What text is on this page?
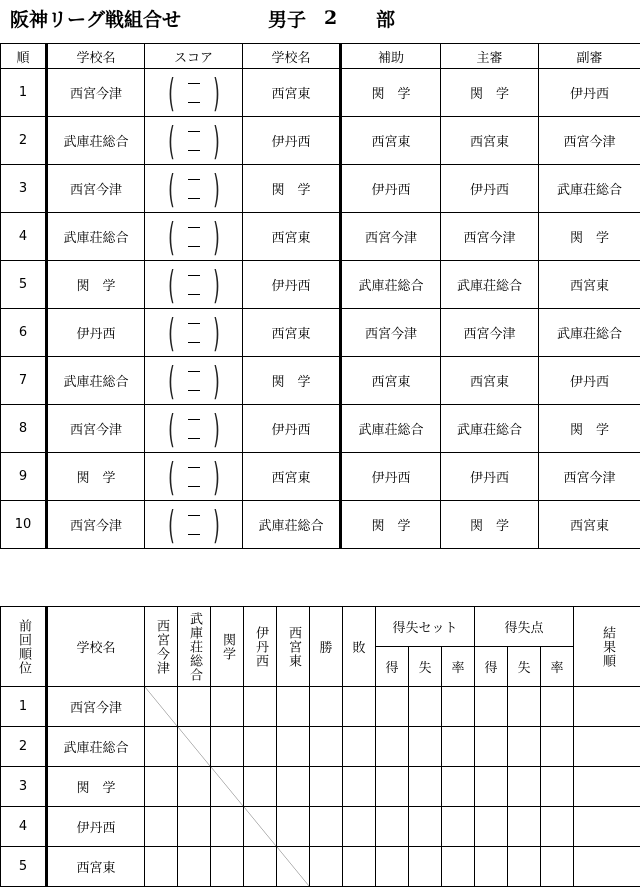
阪神リーグ戦組合せ	男子 2	部
順	学校名	スコア	学校名	補助	主審	副審
1	西宮今津	( )	西宮東	関　学	関　学	伊丹西
2	武庫荘総合	( )	伊丹西	西宮東	西宮東	西宮今津
3	西宮今津	( )	関　学	伊丹西	伊丹西	武庫荘総合
4	武庫荘総合	( )	西宮東	西宮今津	西宮今津	関　学
5	関　学	( )	伊丹西	武庫荘総合	武庫荘総合	西宮東
6	伊丹西	( )	西宮東	西宮今津	西宮今津	武庫荘総合
7	武庫荘総合	( )	関　学	西宮東	西宮東	伊丹西
8	西宮今津	( )	伊丹西	武庫荘総合	武庫荘総合	関　学
9	関　学	( )	西宮東	伊丹西	伊丹西	西宮今津
10	西宮今津	( )	武庫荘総合	関　学	関　学	西宮東
前回順位	学校名	西宮今津	武庫荘総合	関学	伊丹西	西宮東	勝	敗	得失セット			得失点			結果順

									得	失	率	得	失	率	
1	西宮今津	

2	武庫荘総合		

3	関　学			

4	伊丹西				

5	西宮東					
